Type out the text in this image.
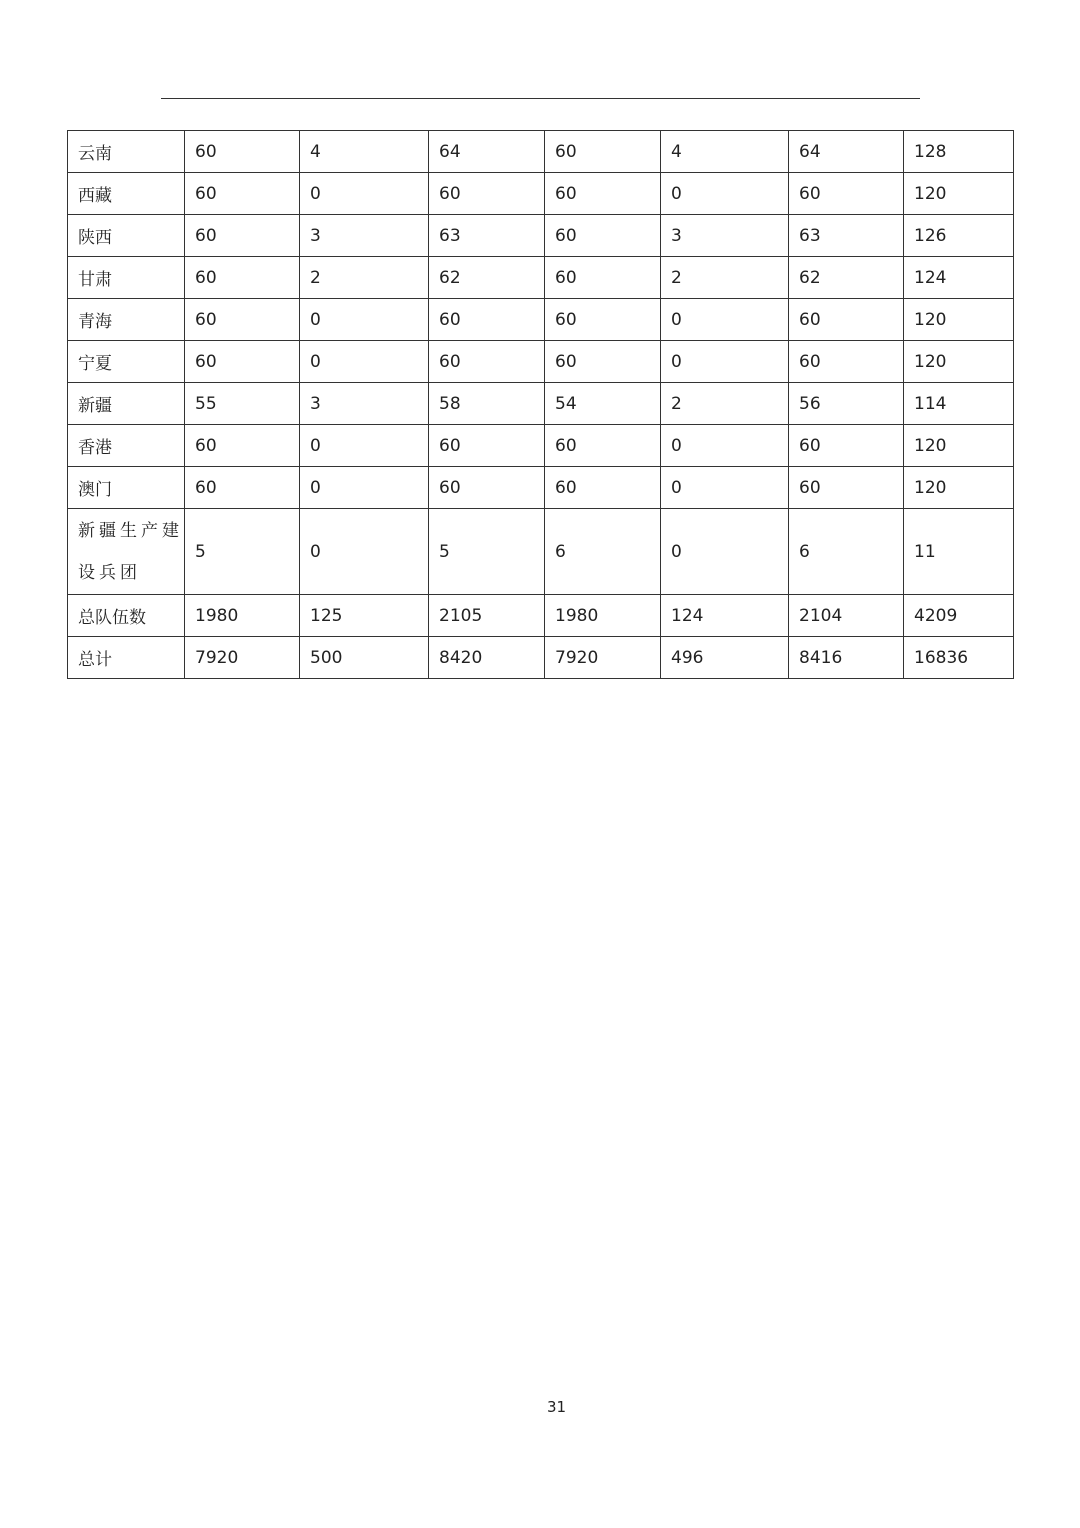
云南	60	4	64	60	4	64	128
西藏	60	0	60	60	0	60	120
陕西	60	3	63	60	3	63	126
甘肃	60	2	62	60	2	62	124
青海	60	0	60	60	0	60	120
宁夏	60	0	60	60	0	60	120
新疆	55	3	58	54	2	56	114
香港	60	0	60	60	0	60	120
澳门	60	0	60	60	0	60	120
新疆生产建设兵团	5	0	5	6	0	6	11
总队伍数	1980	125	2105	1980	124	2104	4209
总计	7920	500	8420	7920	496	8416	16836
31
